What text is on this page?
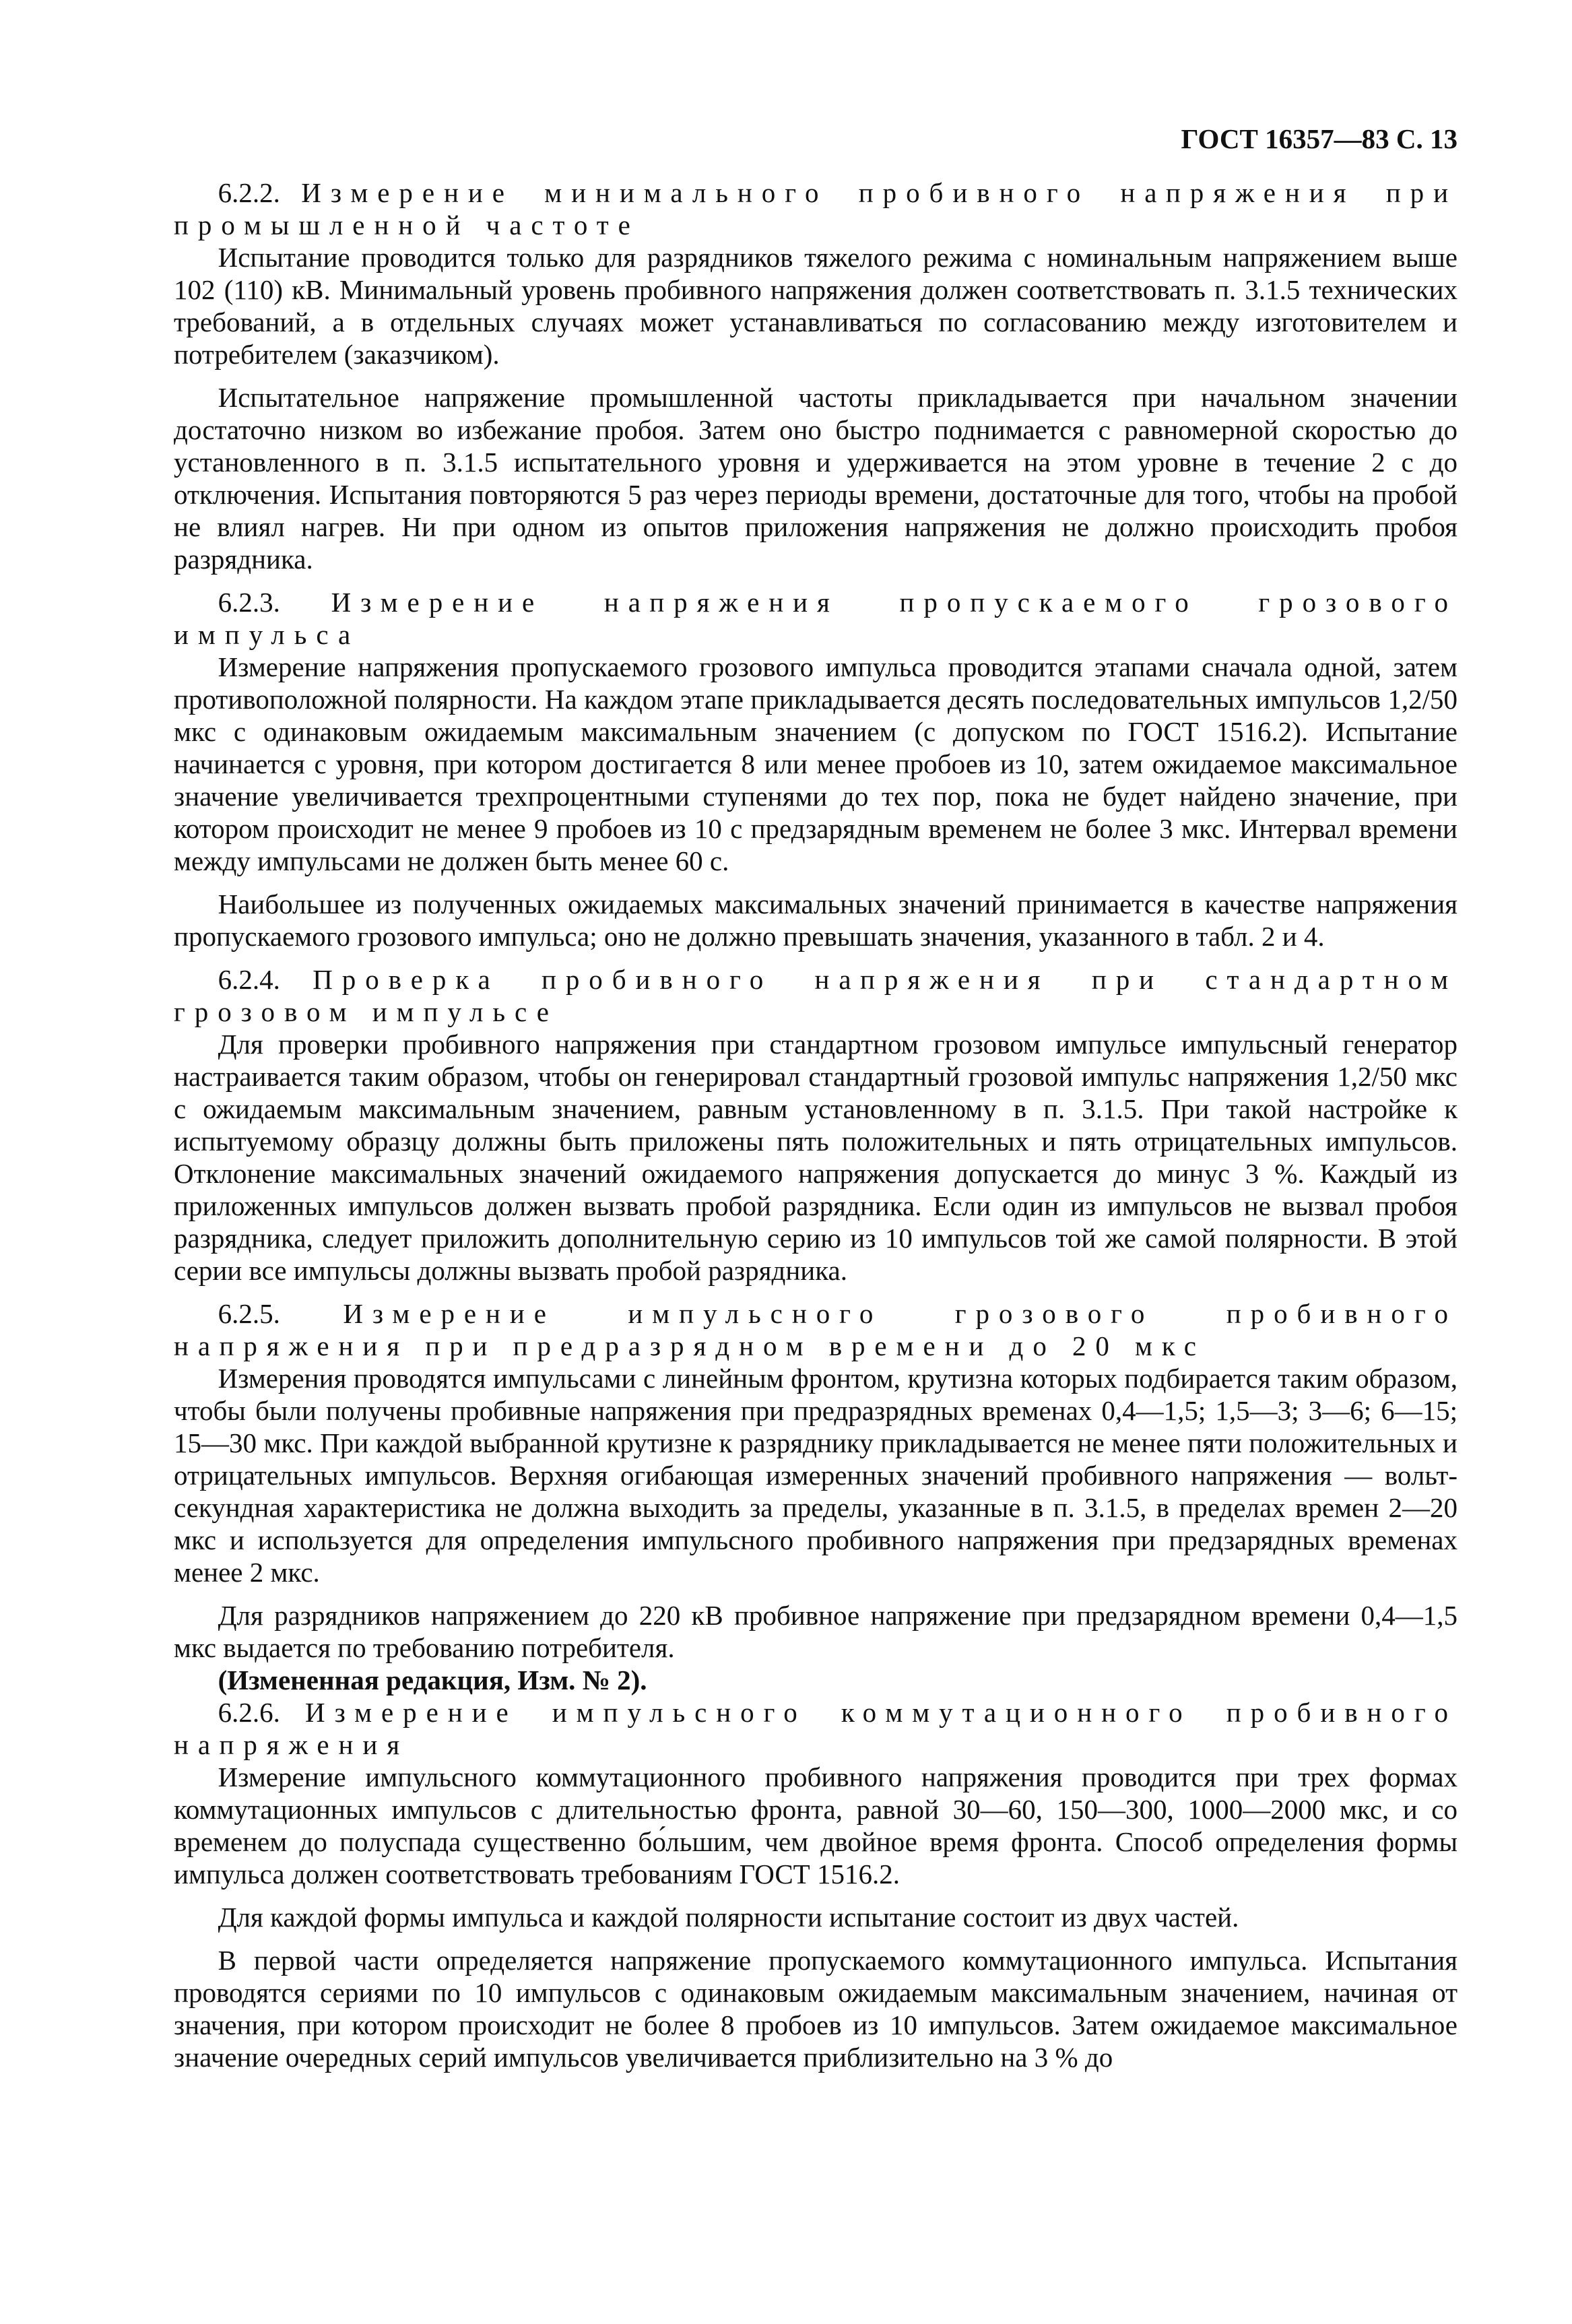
ГОСТ 16357—83 С. 13

6.2.2. Измерение минимального пробивного напряжения при промышленной частоте

Испытание проводится только для разрядников тяжелого режима с номинальным напряжением выше 102 (110) кВ. Минимальный уровень пробивного напряжения должен соответствовать п. 3.1.5 технических требований, а в отдельных случаях может устанавливаться по согласованию между изготовителем и потребителем (заказчиком).

Испытательное напряжение промышленной частоты прикладывается при начальном значении достаточно низком во избежание пробоя. Затем оно быстро поднимается с равномерной скоростью до установленного в п. 3.1.5 испытательного уровня и удерживается на этом уровне в течение 2 с до отключения. Испытания повторяются 5 раз через периоды времени, достаточные для того, чтобы на пробой не влиял нагрев. Ни при одном из опытов приложения напряжения не должно происходить пробоя разрядника.

6.2.3. Измерение напряжения пропускаемого грозового импульса

Измерение напряжения пропускаемого грозового импульса проводится этапами сначала одной, затем противоположной полярности. На каждом этапе прикладывается десять последовательных импульсов 1,2/50 мкс с одинаковым ожидаемым максимальным значением (с допуском по ГОСТ 1516.2). Испытание начинается с уровня, при котором достигается 8 или менее пробоев из 10, затем ожидаемое максимальное значение увеличивается трехпроцентными ступенями до тех пор, пока не будет найдено значение, при котором происходит не менее 9 пробоев из 10 с предзарядным временем не более 3 мкс. Интервал времени между импульсами не должен быть менее 60 с.

Наибольшее из полученных ожидаемых максимальных значений принимается в качестве напряжения пропускаемого грозового импульса; оно не должно превышать значения, указанного в табл. 2 и 4.

6.2.4. Проверка пробивного напряжения при стандартном грозовом импульсе

Для проверки пробивного напряжения при стандартном грозовом импульсе импульсный генератор настраивается таким образом, чтобы он генерировал стандартный грозовой импульс напряжения 1,2/50 мкс с ожидаемым максимальным значением, равным установленному в п. 3.1.5. При такой настройке к испытуемому образцу должны быть приложены пять положительных и пять отрицательных импульсов. Отклонение максимальных значений ожидаемого напряжения допускается до минус 3 %. Каждый из приложенных импульсов должен вызвать пробой разрядника. Если один из импульсов не вызвал пробоя разрядника, следует приложить дополнительную серию из 10 импульсов той же самой полярности. В этой серии все импульсы должны вызвать пробой разрядника.

6.2.5. Измерение импульсного грозового пробивного напряжения при предразрядном времени до 20 мкс

Измерения проводятся импульсами с линейным фронтом, крутизна которых подбирается таким образом, чтобы были получены пробивные напряжения при предразрядных временах 0,4—1,5; 1,5—3; 3—6; 6—15; 15—30 мкс. При каждой выбранной крутизне к разряднику прикладывается не менее пяти положительных и отрицательных импульсов. Верхняя огибающая измеренных значений пробивного напряжения — вольт-секундная характеристика не должна выходить за пределы, указанные в п. 3.1.5, в пределах времен 2—20 мкс и используется для определения импульсного пробивного напряжения при предзарядных временах менее 2 мкс.

Для разрядников напряжением до 220 кВ пробивное напряжение при предзарядном времени 0,4—1,5 мкс выдается по требованию потребителя.

(Измененная редакция, Изм. № 2).

6.2.6. Измерение импульсного коммутационного пробивного напряжения

Измерение импульсного коммутационного пробивного напряжения проводится при трех формах коммутационных импульсов с длительностью фронта, равной 30—60, 150—300, 1000—2000 мкс, и со временем до полуспада существенно бо́льшим, чем двойное время фронта. Способ определения формы импульса должен соответствовать требованиям ГОСТ 1516.2.

Для каждой формы импульса и каждой полярности испытание состоит из двух частей.

В первой части определяется напряжение пропускаемого коммутационного импульса. Испытания проводятся сериями по 10 импульсов с одинаковым ожидаемым максимальным значением, начиная от значения, при котором происходит не более 8 пробоев из 10 импульсов. Затем ожидаемое максимальное значение очередных серий импульсов увеличивается приблизительно на 3 % до
